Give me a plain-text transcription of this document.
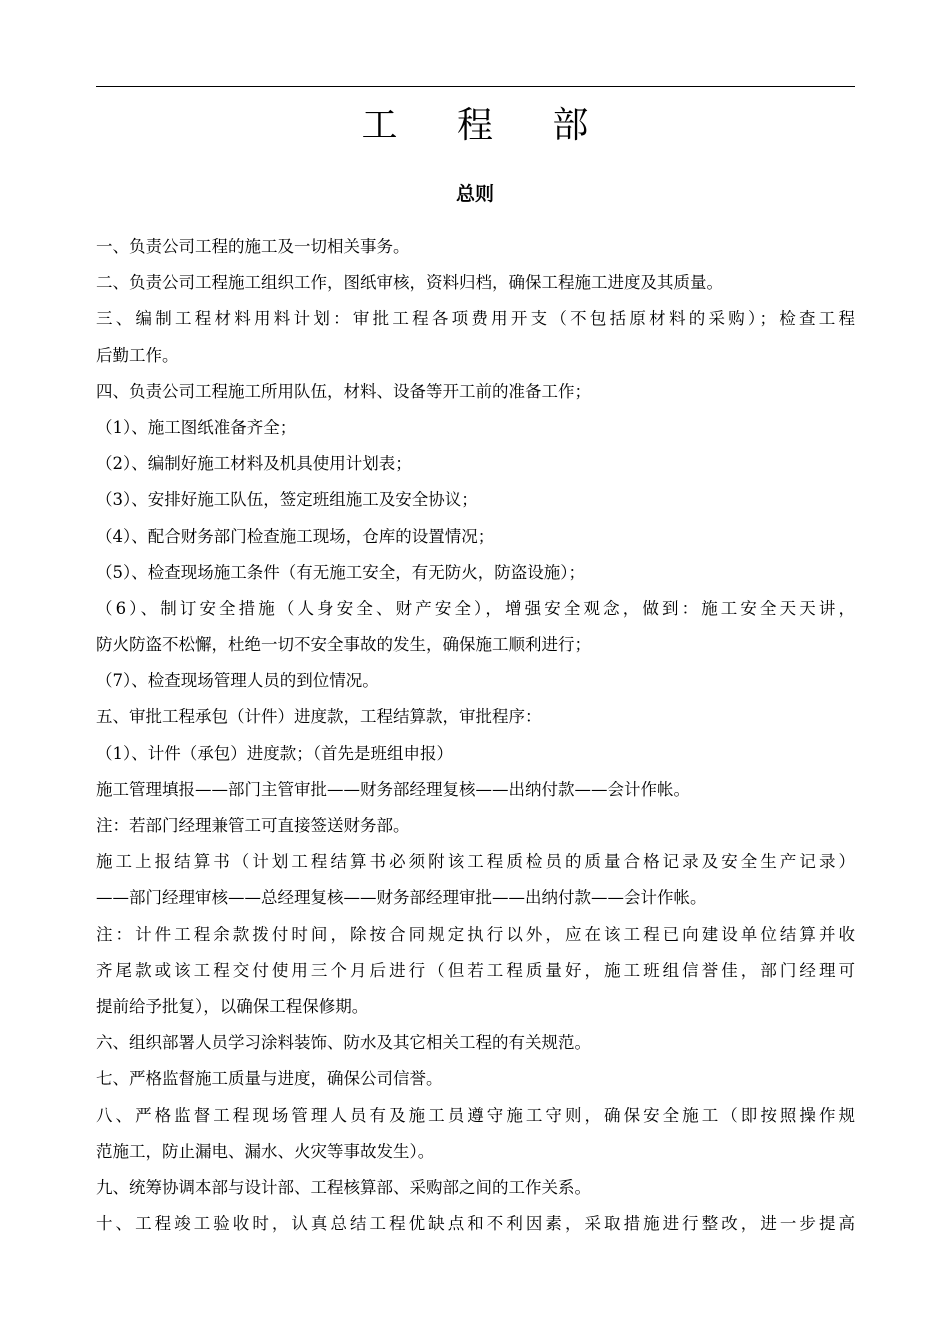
工 程 部
总则
一、负责公司工程的施工及一切相关事务。
二、负责公司工程施工组织工作，图纸审核，资料归档，确保工程施工进度及其质量。
三、编制工程材料用料计划：审批工程各项费用开支（不包括原材料的采购）；检查工程
后勤工作。
四、负责公司工程施工所用队伍，材料、设备等开工前的准备工作；
（1）、施工图纸准备齐全；
（2）、编制好施工材料及机具使用计划表；
（3）、安排好施工队伍，签定班组施工及安全协议；
（4）、配合财务部门检查施工现场，仓库的设置情况；
（5）、检查现场施工条件（有无施工安全，有无防火，防盗设施）；
（6）、制订安全措施（人身安全、财产安全），增强安全观念，做到：施工安全天天讲，
防火防盗不松懈，杜绝一切不安全事故的发生，确保施工顺利进行；
（7）、检查现场管理人员的到位情况。
五、审批工程承包（计件）进度款，工程结算款，审批程序：
（1）、计件（承包）进度款；（首先是班组申报）
施工管理填报——部门主管审批——财务部经理复核——出纳付款——会计作帐。
注：若部门经理兼管工可直接签送财务部。
施工上报结算书（计划工程结算书必须附该工程质检员的质量合格记录及安全生产记录）
——部门经理审核——总经理复核——财务部经理审批——出纳付款——会计作帐。
注：计件工程余款拨付时间，除按合同规定执行以外，应在该工程已向建设单位结算并收
齐尾款或该工程交付使用三个月后进行（但若工程质量好，施工班组信誉佳，部门经理可
提前给予批复），以确保工程保修期。
六、组织部署人员学习涂料装饰、防水及其它相关工程的有关规范。
七、严格监督施工质量与进度，确保公司信誉。
八、严格监督工程现场管理人员有及施工员遵守施工守则，确保安全施工（即按照操作规
范施工，防止漏电、漏水、火灾等事故发生）。
九、统筹协调本部与设计部、工程核算部、采购部之间的工作关系。
十、工程竣工验收时，认真总结工程优缺点和不利因素，采取措施进行整改，进一步提高
